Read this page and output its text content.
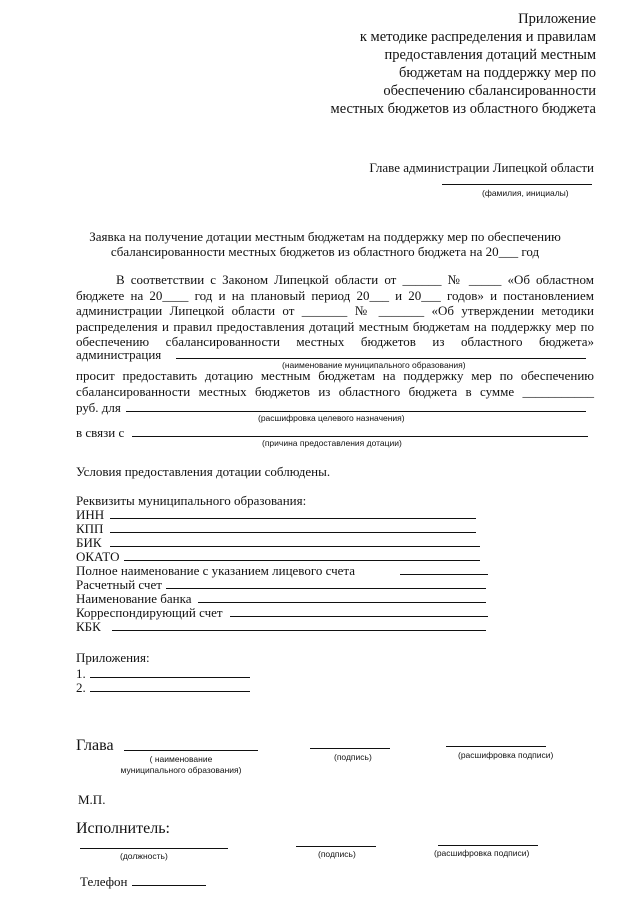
Приложение
к методике распределения и правилам
предоставления дотаций местным
бюджетам на поддержку мер по
обеспечению сбалансированности
местных бюджетов из областного бюджета
Главе администрации Липецкой области
(фамилия, инициалы)
Заявка на получение дотации местным бюджетам на поддержку мер по обеспечению
сбалансированности местных бюджетов из областного бюджета на 20___ год
В соответствии с Законом Липецкой области от ______ № _____ «Об областном
бюджете на 20____ год и на плановый период 20___ и 20___ годов» и постановлением
администрации Липецкой области от _______ № _______ «Об утверждении методики
распределения и правил предоставления дотаций местным бюджетам на поддержку мер по
обеспечению сбалансированности местных бюджетов из областного бюджета»
администрация
(наименование муниципального образования)
просит предоставить дотацию местным бюджетам на поддержку мер по обеспечению
сбалансированности местных бюджетов из областного бюджета в сумме ___________
руб. для
(расшифровка целевого назначения)
в связи с
(причина предоставления дотации)
Условия предоставления дотации соблюдены.
Реквизиты муниципального образования:
ИНН
КПП
БИК
ОКАТО
Полное наименование с указанием лицевого счета
Расчетный счет
Наименование банка
Корреспондирующий счет
КБК
Приложения:
1.
2.
Глава
( наименование муниципального образования)
(подпись)	(расшифровка подписи)
М.П.
Исполнитель:
(должность)	(подпись)	(расшифровка подписи)
Телефон
